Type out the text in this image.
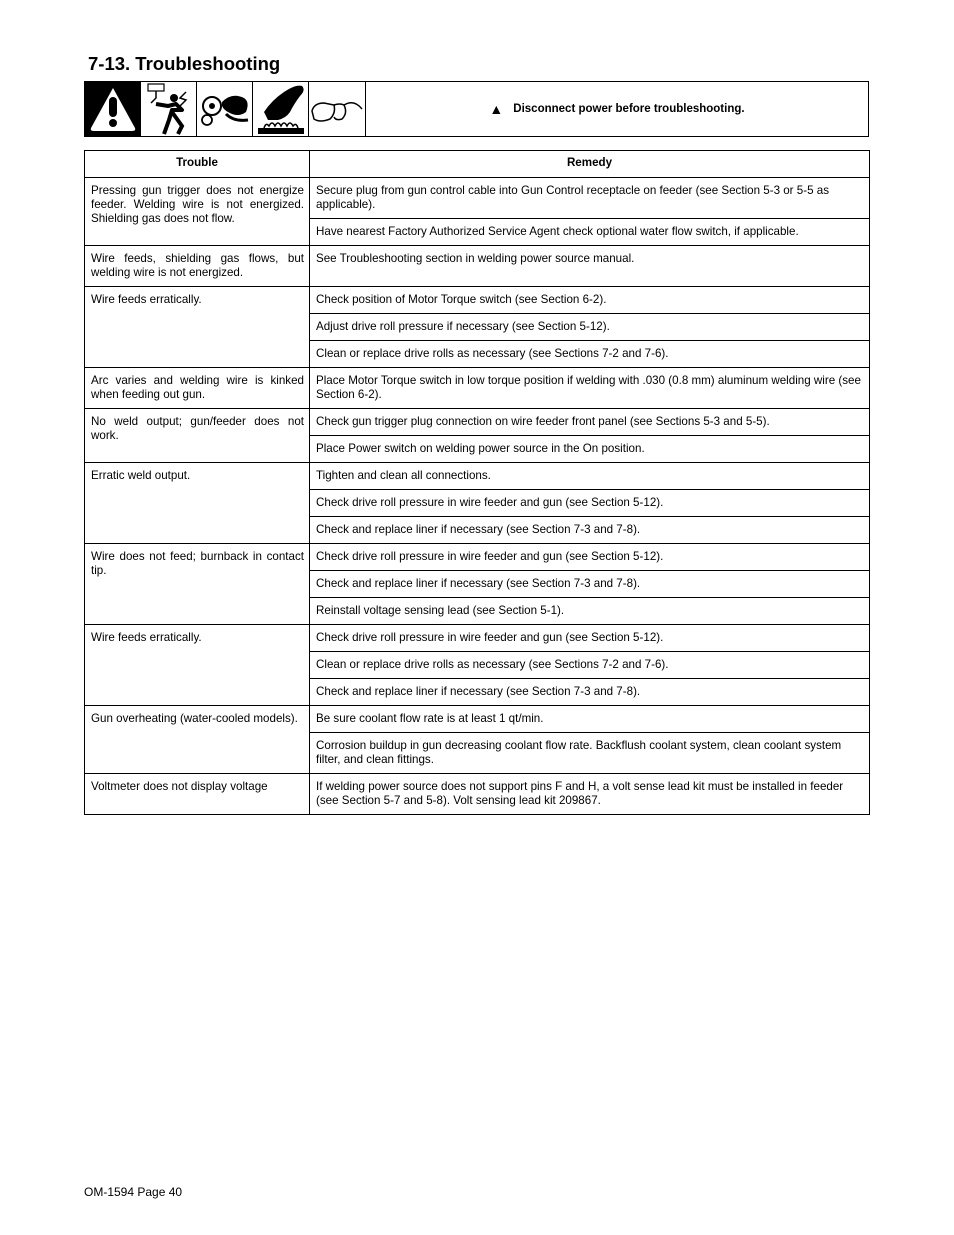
7-13. Troubleshooting
▲ Disconnect power before troubleshooting.
Trouble	Remedy
Pressing gun trigger does not energize feeder. Welding wire is not energized. Shielding gas does not flow.	Secure plug from gun control cable into Gun Control receptacle on feeder (see Section 5-3 or 5-5 as applicable).
	Have nearest Factory Authorized Service Agent check optional water flow switch, if applicable.
Wire feeds, shielding gas flows, but welding wire is not energized.	See Troubleshooting section in welding power source manual.
Wire feeds erratically.	Check position of Motor Torque switch (see Section 6-2).
	Adjust drive roll pressure if necessary (see Section 5-12).
	Clean or replace drive rolls as necessary (see Sections 7-2 and 7-6).
Arc varies and welding wire is kinked when feeding out gun.	Place Motor Torque switch in low torque position if welding with .030 (0.8 mm) aluminum welding wire (see Section 6-2).
No weld output; gun/feeder does not work.	Check gun trigger plug connection on wire feeder front panel (see Sections 5-3 and 5-5).
	Place Power switch on welding power source in the On position.
Erratic weld output.	Tighten and clean all connections.
	Check drive roll pressure in wire feeder and gun (see Section 5-12).
	Check and replace liner if necessary (see Section 7-3 and 7-8).
Wire does not feed; burnback in contact tip.	Check drive roll pressure in wire feeder and gun (see Section 5-12).
	Check and replace liner if necessary (see Section 7-3 and 7-8).
	Reinstall voltage sensing lead (see Section 5-1).
Wire feeds erratically.	Check drive roll pressure in wire feeder and gun (see Section 5-12).
	Clean or replace drive rolls as necessary (see Sections 7-2 and 7-6).
	Check and replace liner if necessary (see Section 7-3 and 7-8).
Gun overheating (water-cooled models).	Be sure coolant flow rate is at least 1 qt/min.
	Corrosion buildup in gun decreasing coolant flow rate. Backflush coolant system, clean coolant system filter, and clean fittings.
Voltmeter does not display voltage	If welding power source does not support pins F and H, a volt sense lead kit must be installed in feeder (see Section 5-7 and 5-8). Volt sensing lead kit 209867.
OM-1594 Page 40
